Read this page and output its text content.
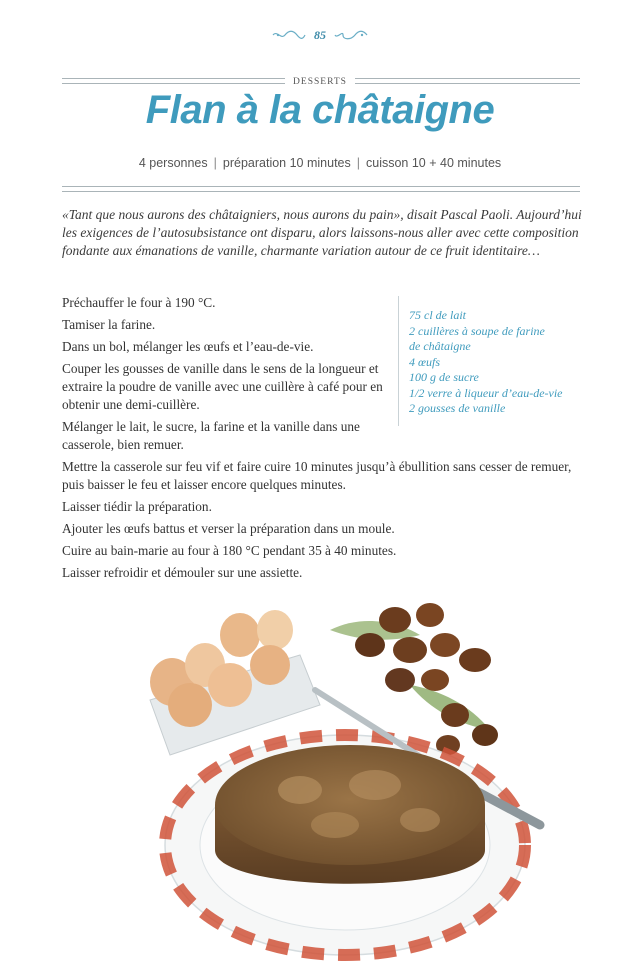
85
DESSERTS
Flan à la châtaigne
4 personnes | préparation 10 minutes | cuisson 10 + 40 minutes

«Tant que nous aurons des châtaigniers, nous aurons du pain», disait Pascal Paoli. Aujourd’hui les exigences de l’autosubsistance ont disparu, alors laissons-nous aller avec cette composition fondante aux émanations de vanille, charmante variation autour de ce fruit identitaire…

Préchauffer le four à 190 °C.
Tamiser la farine.
Dans un bol, mélanger les œufs et l’eau-de-vie.
Couper les gousses de vanille dans le sens de la longueur et extraire la poudre de vanille avec une cuillère à café pour en obtenir une demi-cuillère.
Mélanger le lait, le sucre, la farine et la vanille dans une casserole, bien remuer.
Mettre la casserole sur feu vif et faire cuire 10 minutes jusqu’à ébullition sans cesser de remuer, puis baisser le feu et laisser encore quelques minutes.
Laisser tiédir la préparation.
Ajouter les œufs battus et verser la préparation dans un moule.
Cuire au bain-marie au four à 180 °C pendant 35 à 40 minutes.
Laisser refroidir et démouler sur une assiette.
75 cl de lait
2 cuillères à soupe de farine
de châtaigne
4 œufs
100 g de sucre
1/2 verre à liqueur d’eau-de-vie
2 gousses de vanille
